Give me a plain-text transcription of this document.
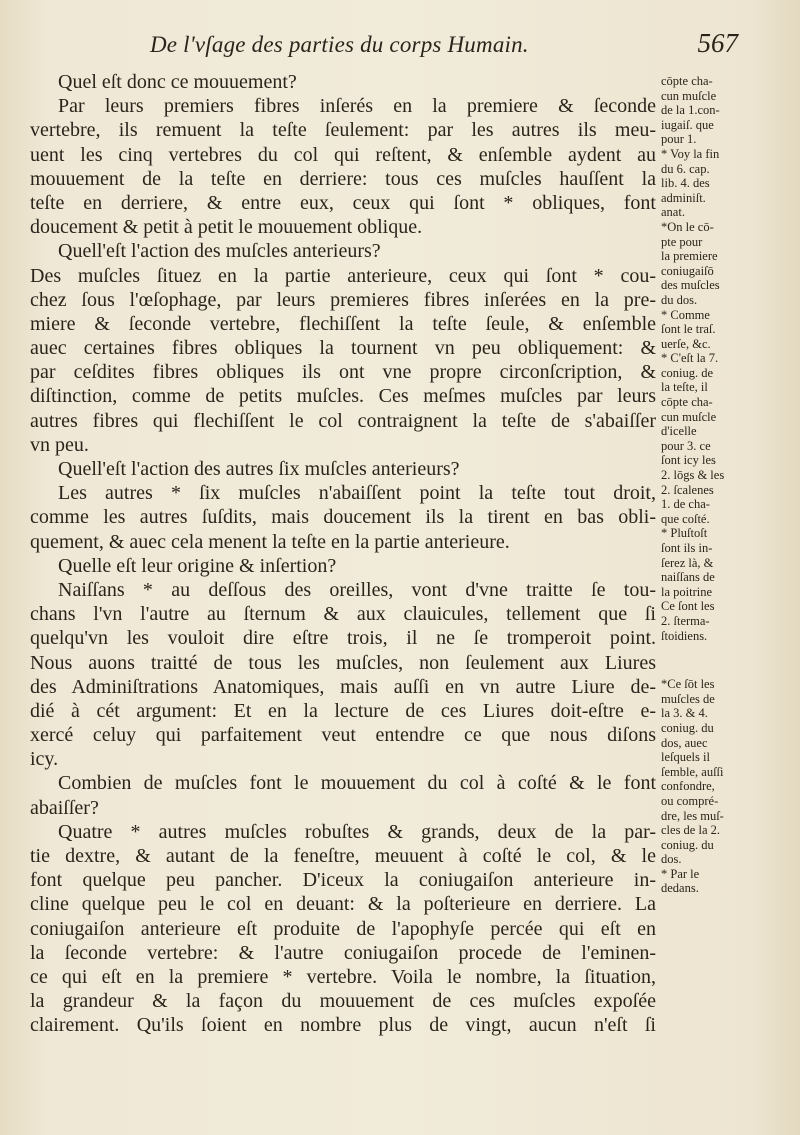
De l'vſage des parties du corps Humain.	567
Quel eſt donc ce mouuement?
Par leurs premiers fibres inſerés en la premiere & ſeconde
vertebre, ils remuent la teſte ſeulement: par les autres ils meu-
uent les cinq vertebres du col qui reſtent, & enſemble aydent au
mouuement de la teſte en derriere: tous ces muſcles hauſſent la
teſte en derriere, & entre eux, ceux qui ſont * obliques, font
doucement & petit à petit le mouuement oblique.
Quell'eſt l'action des muſcles anterieurs?
Des muſcles ſituez en la partie anterieure, ceux qui ſont * cou-
chez ſous l'œſophage, par leurs premieres fibres inſerées en la pre-
miere & ſeconde vertebre, flechiſſent la teſte ſeule, & enſemble
auec certaines fibres obliques la tournent vn peu obliquement: &
par ceſdites fibres obliques ils ont vne propre circonſcription, &
diſtinction, comme de petits muſcles. Ces meſmes muſcles par leurs
autres fibres qui flechiſſent le col contraignent la teſte de s'abaiſſer
vn peu.
Quell'eſt l'action des autres ſix muſcles anterieurs?
Les autres * ſix muſcles n'abaiſſent point la teſte tout droit,
comme les autres ſuſdits, mais doucement ils la tirent en bas obli-
quement, & auec cela menent la teſte en la partie anterieure.
Quelle eſt leur origine & inſertion?
Naiſſans * au deſſous des oreilles, vont d'vne traitte ſe tou-
chans l'vn l'autre au ſternum & aux clauicules, tellement que ſi
quelqu'vn les vouloit dire eſtre trois, il ne ſe tromperoit point.
Nous auons traitté de tous les muſcles, non ſeulement aux Liures
des Adminiſtrations Anatomiques, mais auſſi en vn autre Liure de-
dié à cét argument: Et en la lecture de ces Liures doit-eſtre e-
xercé celuy qui parfaitement veut entendre ce que nous diſons
icy.
Combien de muſcles font le mouuement du col à coſté & le font
abaiſſer?
Quatre * autres muſcles robuſtes & grands, deux de la par-
tie dextre, & autant de la feneſtre, meuuent à coſté le col, & le
font quelque peu pancher. D'iceux la coniugaiſon anterieure in-
cline quelque peu le col en deuant: & la poſterieure en derriere. La
coniugaiſon anterieure eſt produite de l'apophyſe percée qui eſt en
la ſeconde vertebre: & l'autre coniugaiſon procede de l'eminen-
ce qui eſt en la premiere * vertebre. Voila le nombre, la ſituation,
la grandeur & la façon du mouuement de ces muſcles expoſée
clairement. Qu'ils ſoient en nombre plus de vingt, aucun n'eſt ſi
cōpte cha-
cun muſcle
de la 1.con-
iugaiſ. que
pour 1.
* Voy la fin
du 6. cap.
lib. 4. des
adminiſt.
anat.
*On le cō-
pte pour
la premiere
coniugaiſō
des muſcles
du dos.
* Comme
ſont le traſ.
uerſe, &c.
* C'eſt la 7.
coniug. de
la teſte, il
cōpte cha-
cun muſcle
d'icelle
pour 3. ce
ſont icy les
2. lōgs & les
2. ſcalenes
1. de cha-
que coſté.
* Pluſtoſt
ſont ils in-
ſerez là, &
naiſſans de
la poitrine
Ce ſont les
2. ſterma-
ſtoidiens.
*Ce ſōt les
muſcles de
la 3. & 4.
coniug. du
dos, auec
leſquels il
ſemble, auſſi
confondre,
ou compré-
dre, les muſ-
cles de la 2.
coniug. du
dos.
* Par le
dedans.
